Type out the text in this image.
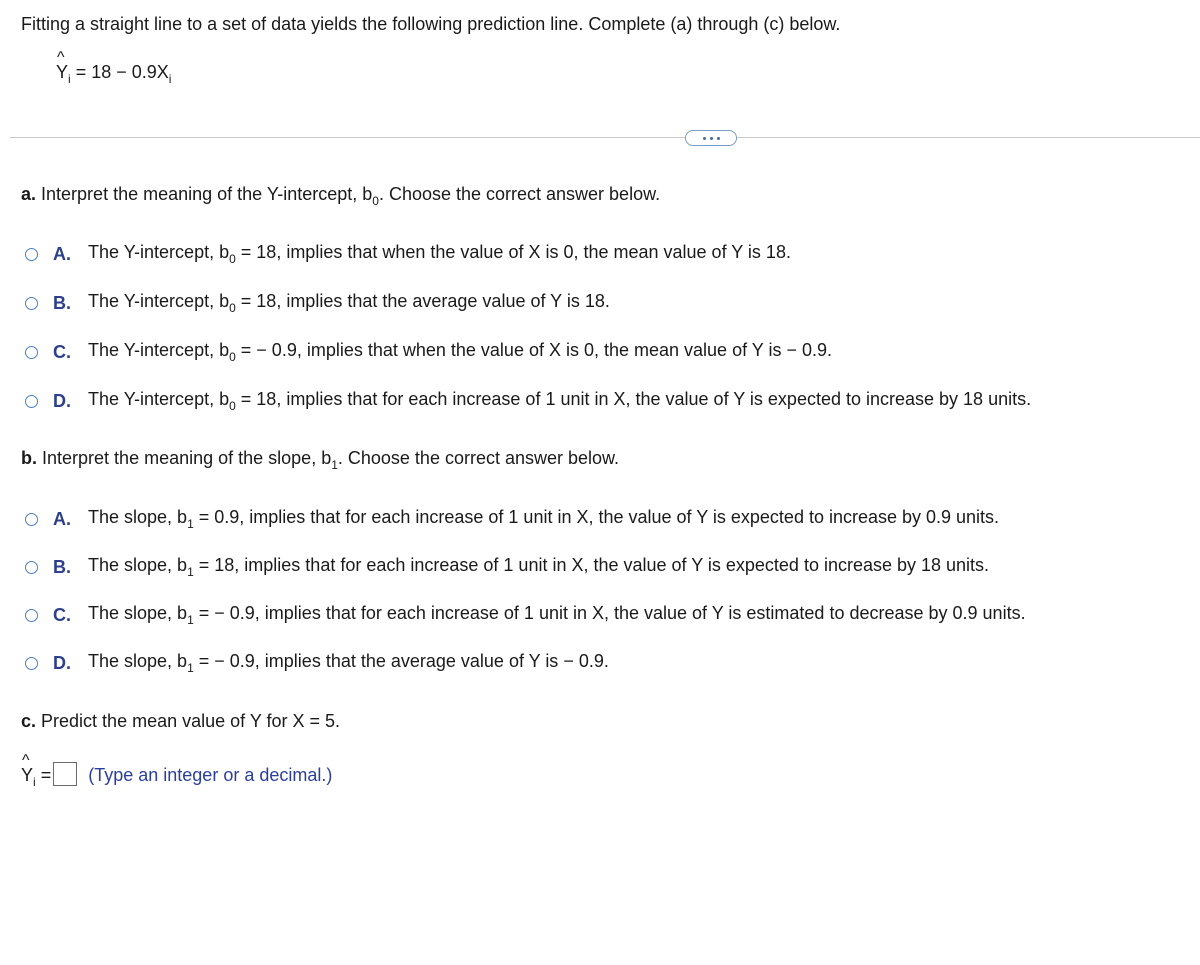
Fitting a straight line to a set of data yields the following prediction line. Complete (a) through (c) below.
^
$Y_i = 18 - 0.9X_i$
a. Interpret the meaning of the Y-intercept, $b_0$. Choose the correct answer below.
A. The Y-intercept, $b_0 = 18$, implies that when the value of X is 0, the mean value of Y is 18.
B. The Y-intercept, $b_0 = 18$, implies that the average value of Y is 18.
C. The Y-intercept, $b_0$ = − 0.9, implies that when the value of X is 0, the mean value of Y is − 0.9.
D. The Y-intercept, $b_0 = 18$, implies that for each increase of 1 unit in X, the value of Y is expected to increase by 18 units.
b. Interpret the meaning of the slope, $b_1$. Choose the correct answer below.
A. The slope, $b_1 = 0.9$, implies that for each increase of 1 unit in X, the value of Y is expected to increase by 0.9 units.
B. The slope, $b_1 = 18$, implies that for each increase of 1 unit in X, the value of Y is expected to increase by 18 units.
C. The slope, $b_1$ = − 0.9, implies that for each increase of 1 unit in X, the value of Y is estimated to decrease by 0.9 units.
D. The slope, $b_1$ = − 0.9, implies that the average value of Y is − 0.9.
c. Predict the mean value of Y for X = 5.
^
$Y_i$ = (Type an integer or a decimal.)
